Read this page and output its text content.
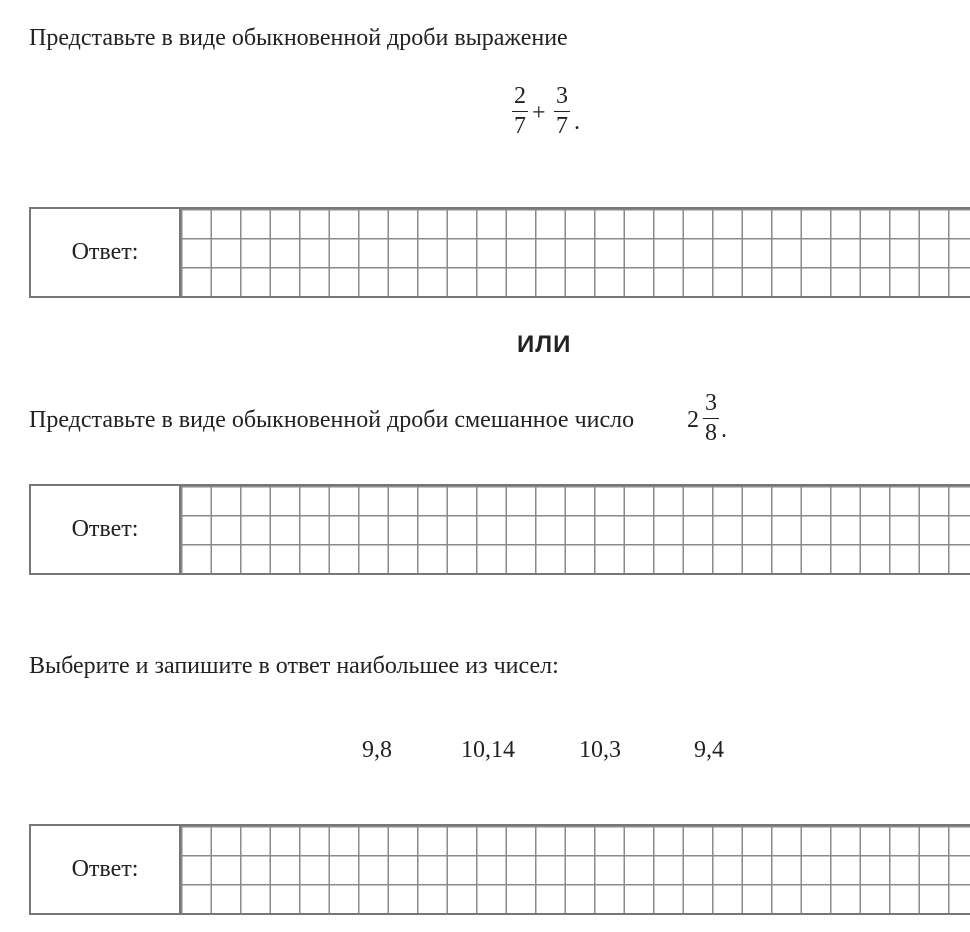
Представьте в виде обыкновенной дроби выражение
2
7 +
3
7 .
Ответ:
ИЛИ
Представьте в виде обыкновенной дроби смешанное число 2
3
8 .
Ответ:
Выберите и запишите в ответ наибольшее из чисел:
9,8	10,14	10,3	9,4
Ответ:
